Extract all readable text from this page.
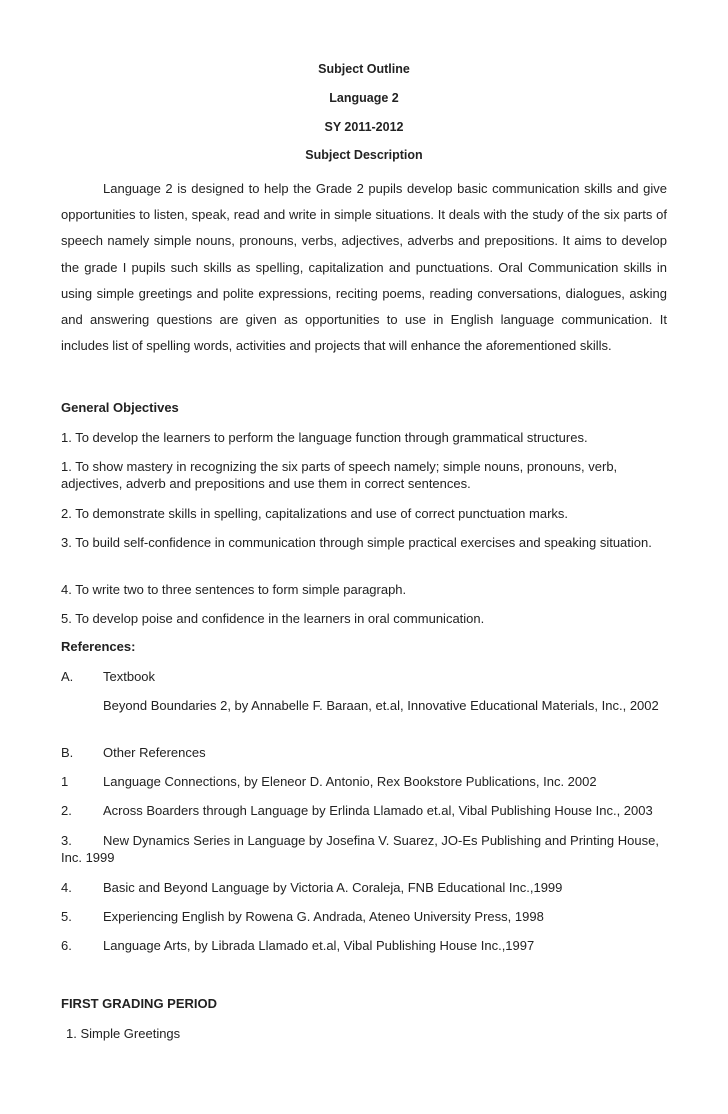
Subject Outline
Language 2
SY 2011-2012
Subject Description

Language 2 is designed to help the Grade 2 pupils develop basic communication skills and give opportunities to listen, speak, read and write in simple situations. It deals with the study of the six parts of speech namely simple nouns, pronouns, verbs, adjectives, adverbs and prepositions. It aims to develop the grade I pupils such skills as spelling, capitalization and punctuations. Oral Communication skills in using simple greetings and polite expressions, reciting poems, reading conversations, dialogues, asking and answering questions are given as opportunities to use in English language communication. It includes list of spelling words, activities and projects that will enhance the aforementioned skills.

General Objectives
1. To develop the learners to perform the language function through grammatical structures.
1. To show mastery in recognizing the six parts of speech namely; simple nouns, pronouns, verb, adjectives, adverb and prepositions and use them in correct sentences.
2. To demonstrate skills in spelling, capitalizations and use of correct punctuation marks.
3. To build self-confidence in communication through simple practical exercises and speaking situation.
4. To write two to three sentences to form simple paragraph.
5. To develop poise and confidence in the learners in oral communication.
References:
A. Textbook
Beyond Boundaries 2, by Annabelle F. Baraan, et.al, Innovative Educational Materials, Inc., 2002
B. Other References
1	Language Connections, by Eleneor D. Antonio, Rex Bookstore Publications, Inc. 2002
2. Across Boarders through Language by Erlinda Llamado et.al, Vibal Publishing House Inc., 2003
3. New Dynamics Series in Language by Josefina V. Suarez, JO-Es Publishing and Printing House, Inc. 1999
4. Basic and Beyond Language by Victoria A. Coraleja, FNB Educational Inc.,1999
5. Experiencing English by Rowena G. Andrada, Ateneo University Press, 1998
6. Language Arts, by Librada Llamado et.al, Vibal Publishing House Inc.,1997
FIRST GRADING PERIOD
1. Simple Greetings
